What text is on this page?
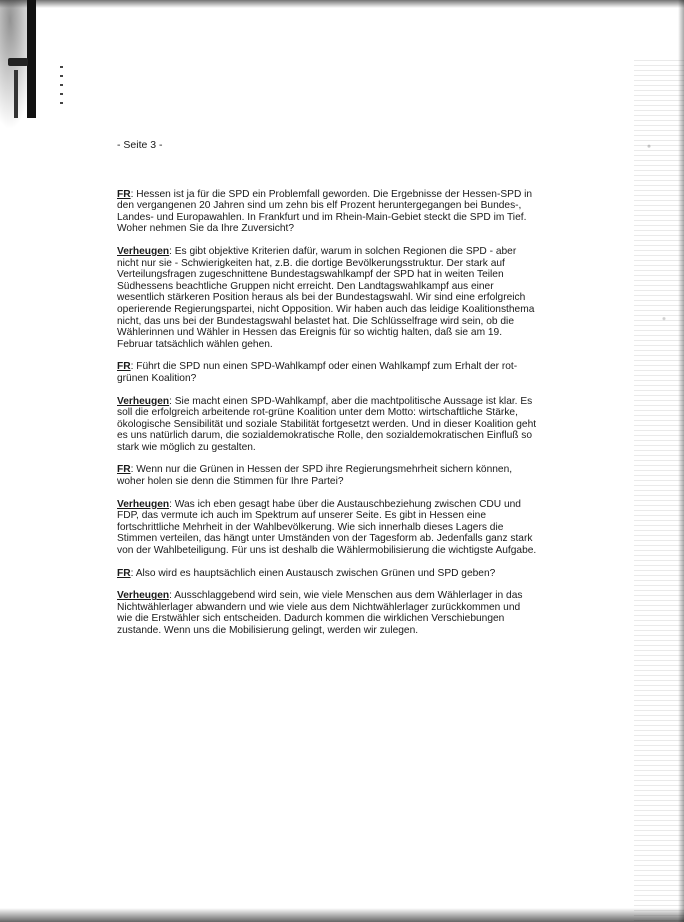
- Seite 3 -

FR: Hessen ist ja für die SPD ein Problemfall geworden. Die Ergebnisse der Hessen-SPD in den vergangenen 20 Jahren sind um zehn bis elf Prozent heruntergegangen bei Bundes-, Landes- und Europawahlen. In Frankfurt und im Rhein-Main-Gebiet steckt die SPD im Tief. Woher nehmen Sie da Ihre Zuversicht?

Verheugen: Es gibt objektive Kriterien dafür, warum in solchen Regionen die SPD - aber nicht nur sie - Schwierigkeiten hat, z.B. die dortige Bevölkerungsstruktur. Der stark auf Verteilungsfragen zugeschnittene Bundestagswahlkampf der SPD hat in weiten Teilen Südhessens beachtliche Gruppen nicht erreicht. Den Landtagswahlkampf aus einer wesentlich stärkeren Position heraus als bei der Bundestagswahl. Wir sind eine erfolgreich operierende Regierungspartei, nicht Opposition. Wir haben auch das leidige Koalitionsthema nicht, das uns bei der Bundestagswahl belastet hat. Die Schlüsselfrage wird sein, ob die Wählerinnen und Wähler in Hessen das Ereignis für so wichtig halten, daß sie am 19. Februar tatsächlich wählen gehen.

FR: Führt die SPD nun einen SPD-Wahlkampf oder einen Wahlkampf zum Erhalt der rot-grünen Koalition?

Verheugen: Sie macht einen SPD-Wahlkampf, aber die machtpolitische Aussage ist klar. Es soll die erfolgreich arbeitende rot-grüne Koalition unter dem Motto: wirtschaftliche Stärke, ökologische Sensibilität und soziale Stabilität fortgesetzt werden. Und in dieser Koalition geht es uns natürlich darum, die sozialdemokratische Rolle, den sozialdemokratischen Einfluß so stark wie möglich zu gestalten.

FR: Wenn nur die Grünen in Hessen der SPD ihre Regierungsmehrheit sichern können, woher holen sie denn die Stimmen für Ihre Partei?

Verheugen: Was ich eben gesagt habe über die Austauschbeziehung zwischen CDU und FDP, das vermute ich auch im Spektrum auf unserer Seite. Es gibt in Hessen eine fortschrittliche Mehrheit in der Wahlbevölkerung. Wie sich innerhalb dieses Lagers die Stimmen verteilen, das hängt unter Umständen von der Tagesform ab. Jedenfalls ganz stark von der Wahlbeteiligung. Für uns ist deshalb die Wählermobilisierung die wichtigste Aufgabe.

FR: Also wird es hauptsächlich einen Austausch zwischen Grünen und SPD geben?

Verheugen: Ausschlaggebend wird sein, wie viele Menschen aus dem Wählerlager in das Nichtwählerlager abwandern und wie viele aus dem Nichtwählerlager zurückkommen und wie die Erstwähler sich entscheiden. Dadurch kommen die wirklichen Verschiebungen zustande. Wenn uns die Mobilisierung gelingt, werden wir zulegen.
